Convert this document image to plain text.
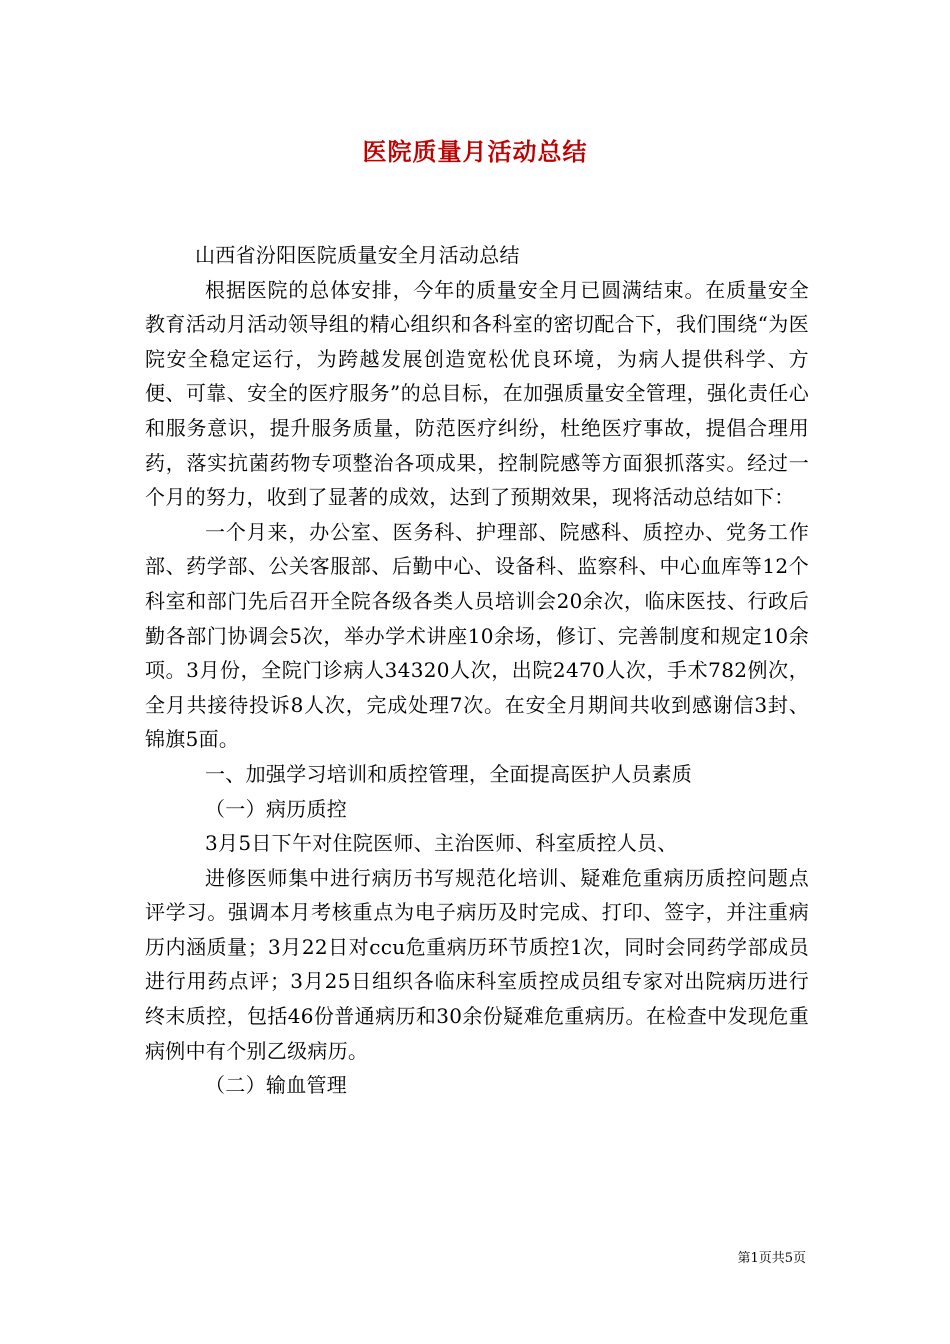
医院质量月活动总结

山西省汾阳医院质量安全月活动总结

根据医院的总体安排，今年的质量安全月已圆满结束。在质量安全教育活动月活动领导组的精心组织和各科室的密切配合下，我们围绕“为医院安全稳定运行，为跨越发展创造宽松优良环境，为病人提供科学、方便、可靠、安全的医疗服务”的总目标，在加强质量安全管理，强化责任心和服务意识，提升服务质量，防范医疗纠纷，杜绝医疗事故，提倡合理用药，落实抗菌药物专项整治各项成果，控制院感等方面狠抓落实。经过一个月的努力，收到了显著的成效，达到了预期效果，现将活动总结如下：

一个月来，办公室、医务科、护理部、院感科、质控办、党务工作部、药学部、公关客服部、后勤中心、设备科、监察科、中心血库等12个科室和部门先后召开全院各级各类人员培训会20余次，临床医技、行政后勤各部门协调会5次，举办学术讲座10余场，修订、完善制度和规定10余项。3月份，全院门诊病人34320人次，出院2470人次，手术782例次，全月共接待投诉8人次，完成处理7次。在安全月期间共收到感谢信3封、锦旗5面。

一、加强学习培训和质控管理，全面提高医护人员素质

（一）病历质控

3月5日下午对住院医师、主治医师、科室质控人员、

进修医师集中进行病历书写规范化培训、疑难危重病历质控问题点评学习。强调本月考核重点为电子病历及时完成、打印、签字，并注重病历内涵质量；3月22日对ccu危重病历环节质控1次，同时会同药学部成员进行用药点评；3月25日组织各临床科室质控成员组专家对出院病历进行终末质控，包括46份普通病历和30余份疑难危重病历。在检查中发现危重病例中有个别乙级病历。

（二）输血管理

第1页共5页
